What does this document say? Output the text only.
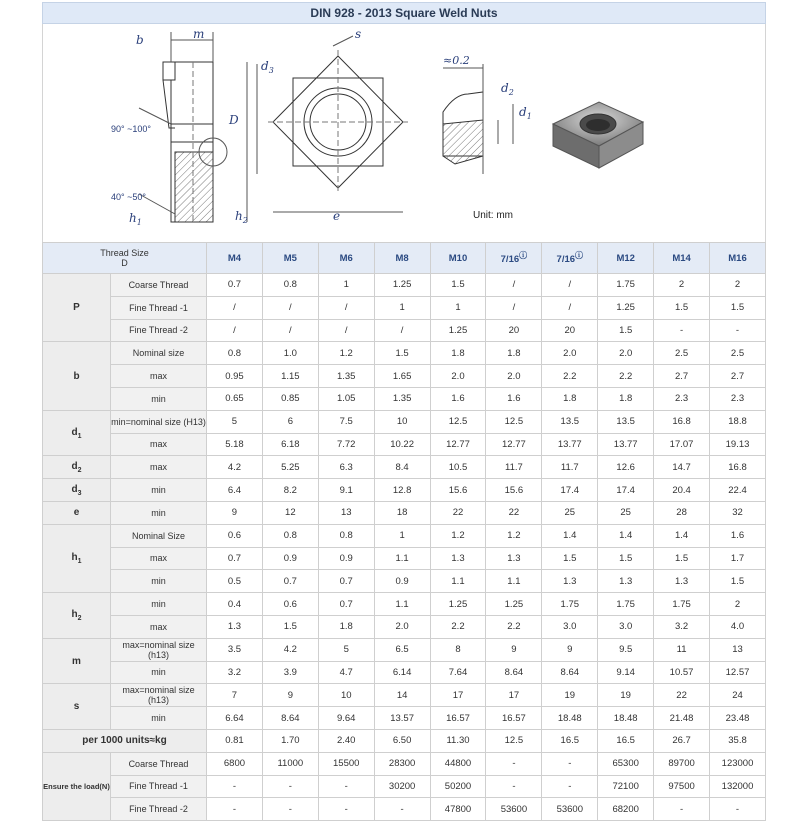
DIN 928 - 2013 Square Weld Nuts
b	m
D
90° ~100°
40° ~50°
$h_1$	$h_2$
s
$d_3$
e
≈0.2
$d_2$
$d_1$
Unit: mm
Thread Size
D		M4	M5	M6	M8	M10	7/16ⓘ	7/16ⓘ	M12	M14	M16
P	Coarse Thread	0.7	0.8	1	1.25	1.5	/	/	1.75	2	2
	Fine Thread -1	/	/	/	1	1	/	/	1.25	1.5	1.5
	Fine Thread -2	/	/	/	/	1.25	20	20	1.5	-	-
b	Nominal size	0.8	1.0	1.2	1.5	1.8	1.8	2.0	2.0	2.5	2.5
	max	0.95	1.15	1.35	1.65	2.0	2.0	2.2	2.2	2.7	2.7
	min	0.65	0.85	1.05	1.35	1.6	1.6	1.8	1.8	2.3	2.3
$d_1$	min=nominal size (H13)	5	6	7.5	10	12.5	12.5	13.5	13.5	16.8	18.8
	max	5.18	6.18	7.72	10.22	12.77	12.77	13.77	13.77	17.07	19.13
$d_2$	max	4.2	5.25	6.3	8.4	10.5	11.7	11.7	12.6	14.7	16.8
$d_3$	min	6.4	8.2	9.1	12.8	15.6	15.6	17.4	17.4	20.4	22.4
e	min	9	12	13	18	22	22	25	25	28	32
$h_1$	Nominal Size	0.6	0.8	0.8	1	1.2	1.2	1.4	1.4	1.4	1.6
	max	0.7	0.9	0.9	1.1	1.3	1.3	1.5	1.5	1.5	1.7
	min	0.5	0.7	0.7	0.9	1.1	1.1	1.3	1.3	1.3	1.5
$h_2$	min	0.4	0.6	0.7	1.1	1.25	1.25	1.75	1.75	1.75	2
	max	1.3	1.5	1.8	2.0	2.2	2.2	3.0	3.0	3.2	4.0
m	max=nominal size (h13)	3.5	4.2	5	6.5	8	9	9	9.5	11	13
	min	3.2	3.9	4.7	6.14	7.64	8.64	8.64	9.14	10.57	12.57
s	max=nominal size (h13)	7	9	10	14	17	17	19	19	22	24
	min	6.64	8.64	9.64	13.57	16.57	16.57	18.48	18.48	21.48	23.48
per 1000 units≈kg		0.81	1.70	2.40	6.50	11.30	12.5	16.5	16.5	26.7	35.8
Ensure the load(N)	Coarse Thread	6800	11000	15500	28300	44800	-	-	65300	89700	123000
	Fine Thread -1	-	-	-	30200	50200	-	-	72100	97500	132000
	Fine Thread -2	-	-	-	-	47800	53600	53600	68200	-	-
